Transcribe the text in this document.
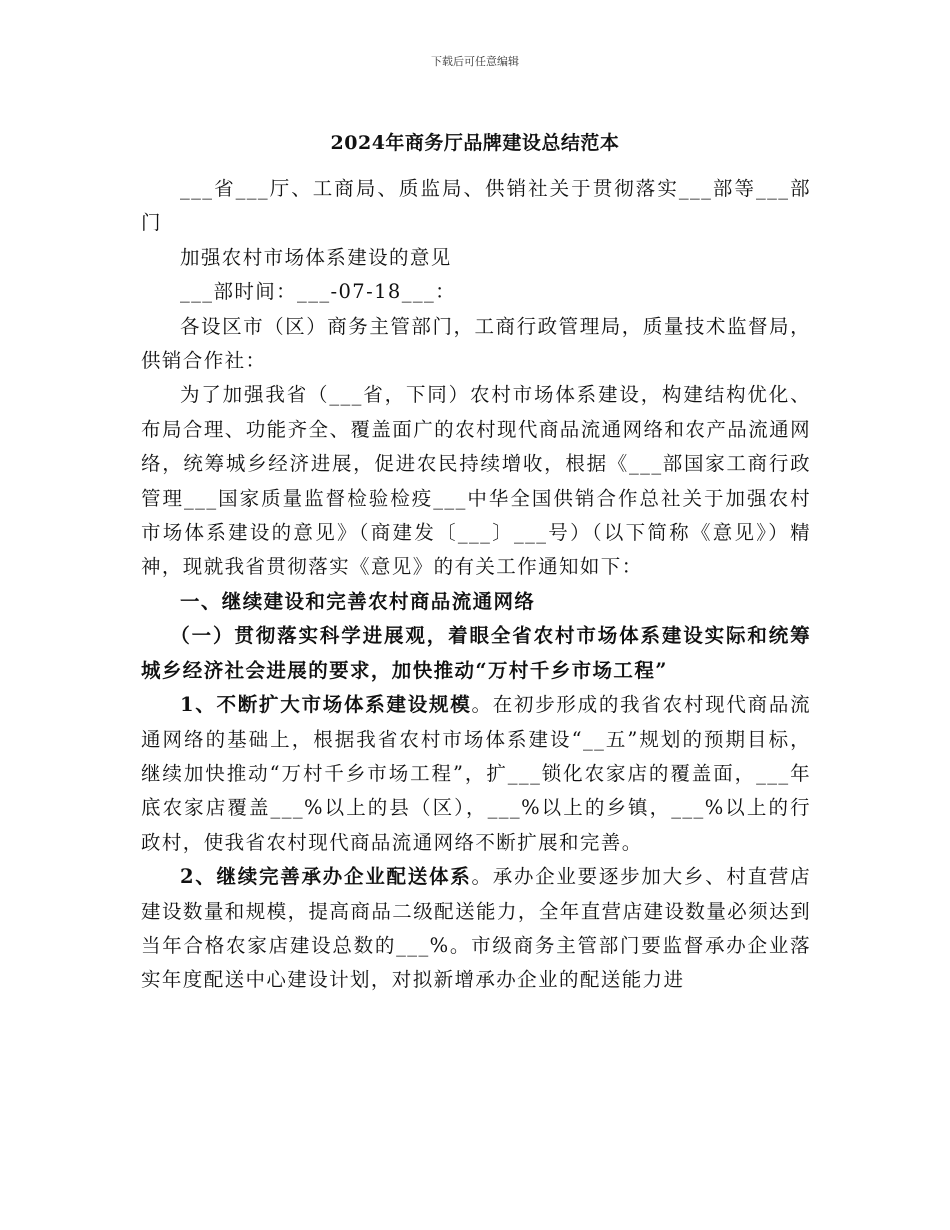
下载后可任意编辑
2024年商务厅品牌建设总结范本

___省___厅、工商局、质监局、供销社关于贯彻落实___部等___部门

加强农村市场体系建设的意见

___部时间：___-07-18___：

各设区市（区）商务主管部门，工商行政管理局，质量技术监督局，供销合作社：

为了加强我省（___省，下同）农村市场体系建设，构建结构优化、布局合理、功能齐全、覆盖面广的农村现代商品流通网络和农产品流通网络，统筹城乡经济进展，促进农民持续增收，根据《___部国家工商行政管理___国家质量监督检验检疫___中华全国供销合作总社关于加强农村市场体系建设的意见》（商建发〔___〕___号）（以下简称《意见》）精神，现就我省贯彻落实《意见》的有关工作通知如下：

一、继续建设和完善农村商品流通网络

（一）贯彻落实科学进展观，着眼全省农村市场体系建设实际和统筹城乡经济社会进展的要求，加快推动“万村千乡市场工程”

1、不断扩大市场体系建设规模。在初步形成的我省农村现代商品流通网络的基础上，根据我省农村市场体系建设“__五”规划的预期目标，继续加快推动“万村千乡市场工程”，扩___锁化农家店的覆盖面，___年底农家店覆盖___%以上的县（区），___%以上的乡镇，___%以上的行政村，使我省农村现代商品流通网络不断扩展和完善。

2、继续完善承办企业配送体系。承办企业要逐步加大乡、村直营店建设数量和规模，提高商品二级配送能力，全年直营店建设数量必须达到当年合格农家店建设总数的___%。市级商务主管部门要监督承办企业落实年度配送中心建设计划，对拟新增承办企业的配送能力进
